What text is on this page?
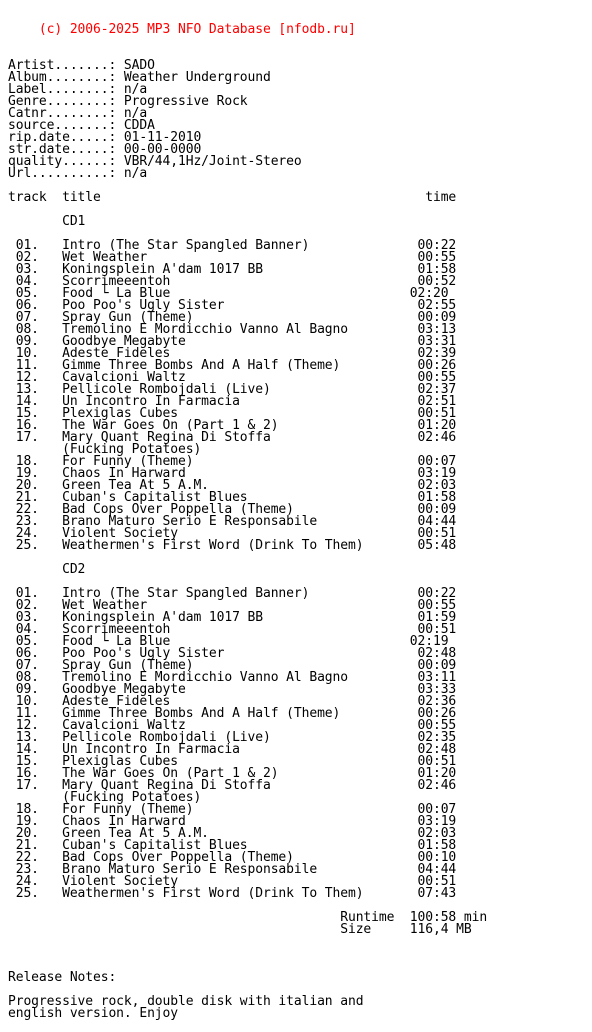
(c) 2006-2025 MP3 NFO Database [nfodb.ru]

Artist.......: SADO
Album........: Weather Underground
Label........: n/a
Genre........: Progressive Rock
Catnr........: n/a
source.......: CDDA
rip.date.....: 01-11-2010
str.date.....: 00-00-0000
quality......: VBR/44,1Hz/Joint-Stereo
Url..........: n/a
track  title                                          time
CD1
01.   Intro (The Star Spangled Banner)              00:22
02.   Wet Weather                                   00:55
03.   Koningsplein A'dam 1017 BB                    01:58
04.   Scorrimeeentoh                                00:52
05.   Food └ La Blue                               02:20
06.   Poo Poo's Ugly Sister                         02:55
07.   Spray Gun (Theme)                             00:09
08.   Tremolino E Mordicchio Vanno Al Bagno         03:13
09.   Goodbye Megabyte                              03:31
10.   Adeste Fideles                                02:39
11.   Gimme Three Bombs And A Half (Theme)          00:26
12.   Cavalcioni Waltz                              00:55
13.   Pellicole Rombojdali (Live)                   02:37
14.   Un Incontro In Farmacia                       02:51
15.   Plexiglas Cubes                               00:51
16.   The War Goes On (Part 1 & 2)                  01:20
17.   Mary Quant Regina Di Stoffa                   02:46
(Fucking Potatoes)
18.   For Funny (Theme)                             00:07
19.   Chaos In Harward                              03:19
20.   Green Tea At 5 A.M.                           02:03
21.   Cuban's Capitalist Blues                      01:58
22.   Bad Cops Over Poppella (Theme)                00:09
23.   Brano Maturo Serio E Responsabile             04:44
24.   Violent Society                               00:51
25.   Weathermen's First Word (Drink To Them)       05:48
CD2
01.   Intro (The Star Spangled Banner)              00:22
02.   Wet Weather                                   00:55
03.   Koningsplein A'dam 1017 BB                    01:59
04.   Scorrimeeentoh                                00:51
05.   Food └ La Blue                               02:19
06.   Poo Poo's Ugly Sister                         02:48
07.   Spray Gun (Theme)                             00:09
08.   Tremolino E Mordicchio Vanno Al Bagno         03:11
09.   Goodbye Megabyte                              03:33
10.   Adeste Fideles                                02:36
11.   Gimme Three Bombs And A Half (Theme)          00:26
12.   Cavalcioni Waltz                              00:55
13.   Pellicole Rombojdali (Live)                   02:35
14.   Un Incontro In Farmacia                       02:48
15.   Plexiglas Cubes                               00:51
16.   The War Goes On (Part 1 & 2)                  01:20
17.   Mary Quant Regina Di Stoffa                   02:46
(Fucking Potatoes)
18.   For Funny (Theme)                             00:07
19.   Chaos In Harward                              03:19
20.   Green Tea At 5 A.M.                           02:03
21.   Cuban's Capitalist Blues                      01:58
22.   Bad Cops Over Poppella (Theme)                00:10
23.   Brano Maturo Serio E Responsabile             04:44
24.   Violent Society                               00:51
25.   Weathermen's First Word (Drink To Them)       07:43
Runtime  100:58 min
Size     116,4 MB
Release Notes:
Progressive rock, double disk with italian and
english version. Enjoy
